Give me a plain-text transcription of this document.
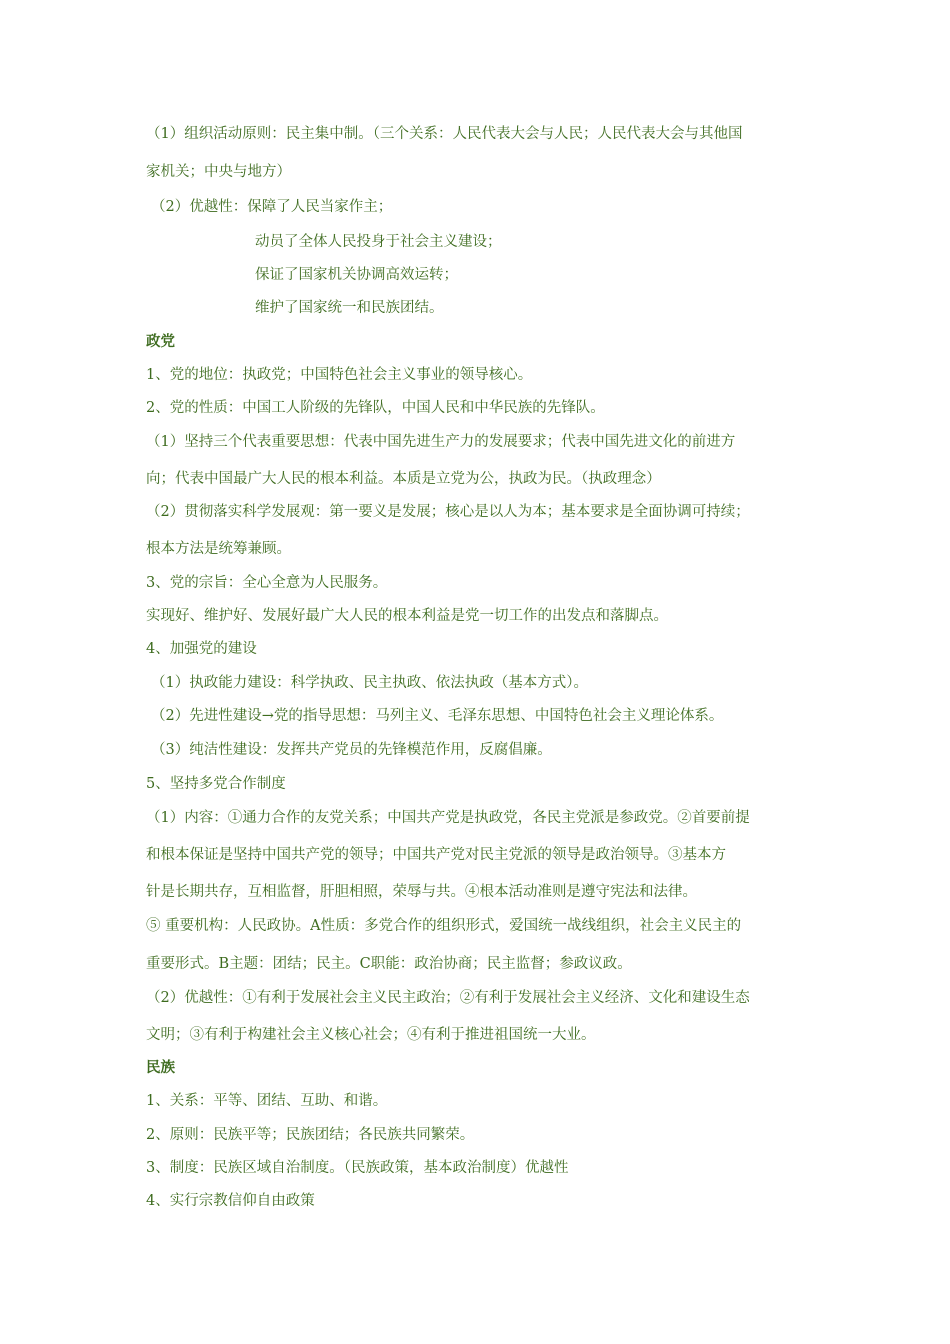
（1）组织活动原则：民主集中制。（三个关系：人民代表大会与人民；人民代表大会与其他国
家机关；中央与地方）
（2）优越性：保障了人民当家作主；
动员了全体人民投身于社会主义建设；
保证了国家机关协调高效运转；
维护了国家统一和民族团结。
政党
1、党的地位：执政党；中国特色社会主义事业的领导核心。
2、党的性质：中国工人阶级的先锋队，中国人民和中华民族的先锋队。
（1）坚持三个代表重要思想：代表中国先进生产力的发展要求；代表中国先进文化的前进方
向；代表中国最广大人民的根本利益。本质是立党为公，执政为民。（执政理念）
（2）贯彻落实科学发展观：第一要义是发展；核心是以人为本；基本要求是全面协调可持续；
根本方法是统筹兼顾。
3、党的宗旨：全心全意为人民服务。
实现好、维护好、发展好最广大人民的根本利益是党一切工作的出发点和落脚点。
4、加强党的建设
（1）执政能力建设：科学执政、民主执政、依法执政（基本方式）。
（2）先进性建设→党的指导思想：马列主义、毛泽东思想、中国特色社会主义理论体系。
（3）纯洁性建设：发挥共产党员的先锋模范作用，反腐倡廉。
5、坚持多党合作制度
（1）内容：①通力合作的友党关系；中国共产党是执政党，各民主党派是参政党。②首要前提
和根本保证是坚持中国共产党的领导；中国共产党对民主党派的领导是政治领导。③基本方
针是长期共存，互相监督，肝胆相照，荣辱与共。④根本活动准则是遵守宪法和法律。
⑤ 重要机构：人民政协。A性质：多党合作的组织形式，爱国统一战线组织，社会主义民主的
重要形式。B主题：团结；民主。C职能：政治协商；民主监督；参政议政。
（2）优越性：①有利于发展社会主义民主政治；②有利于发展社会主义经济、文化和建设生态
文明；③有利于构建社会主义核心社会；④有利于推进祖国统一大业。
民族
1、关系：平等、团结、互助、和谐。
2、原则：民族平等；民族团结；各民族共同繁荣。
3、制度：民族区域自治制度。（民族政策，基本政治制度）优越性
4、实行宗教信仰自由政策
